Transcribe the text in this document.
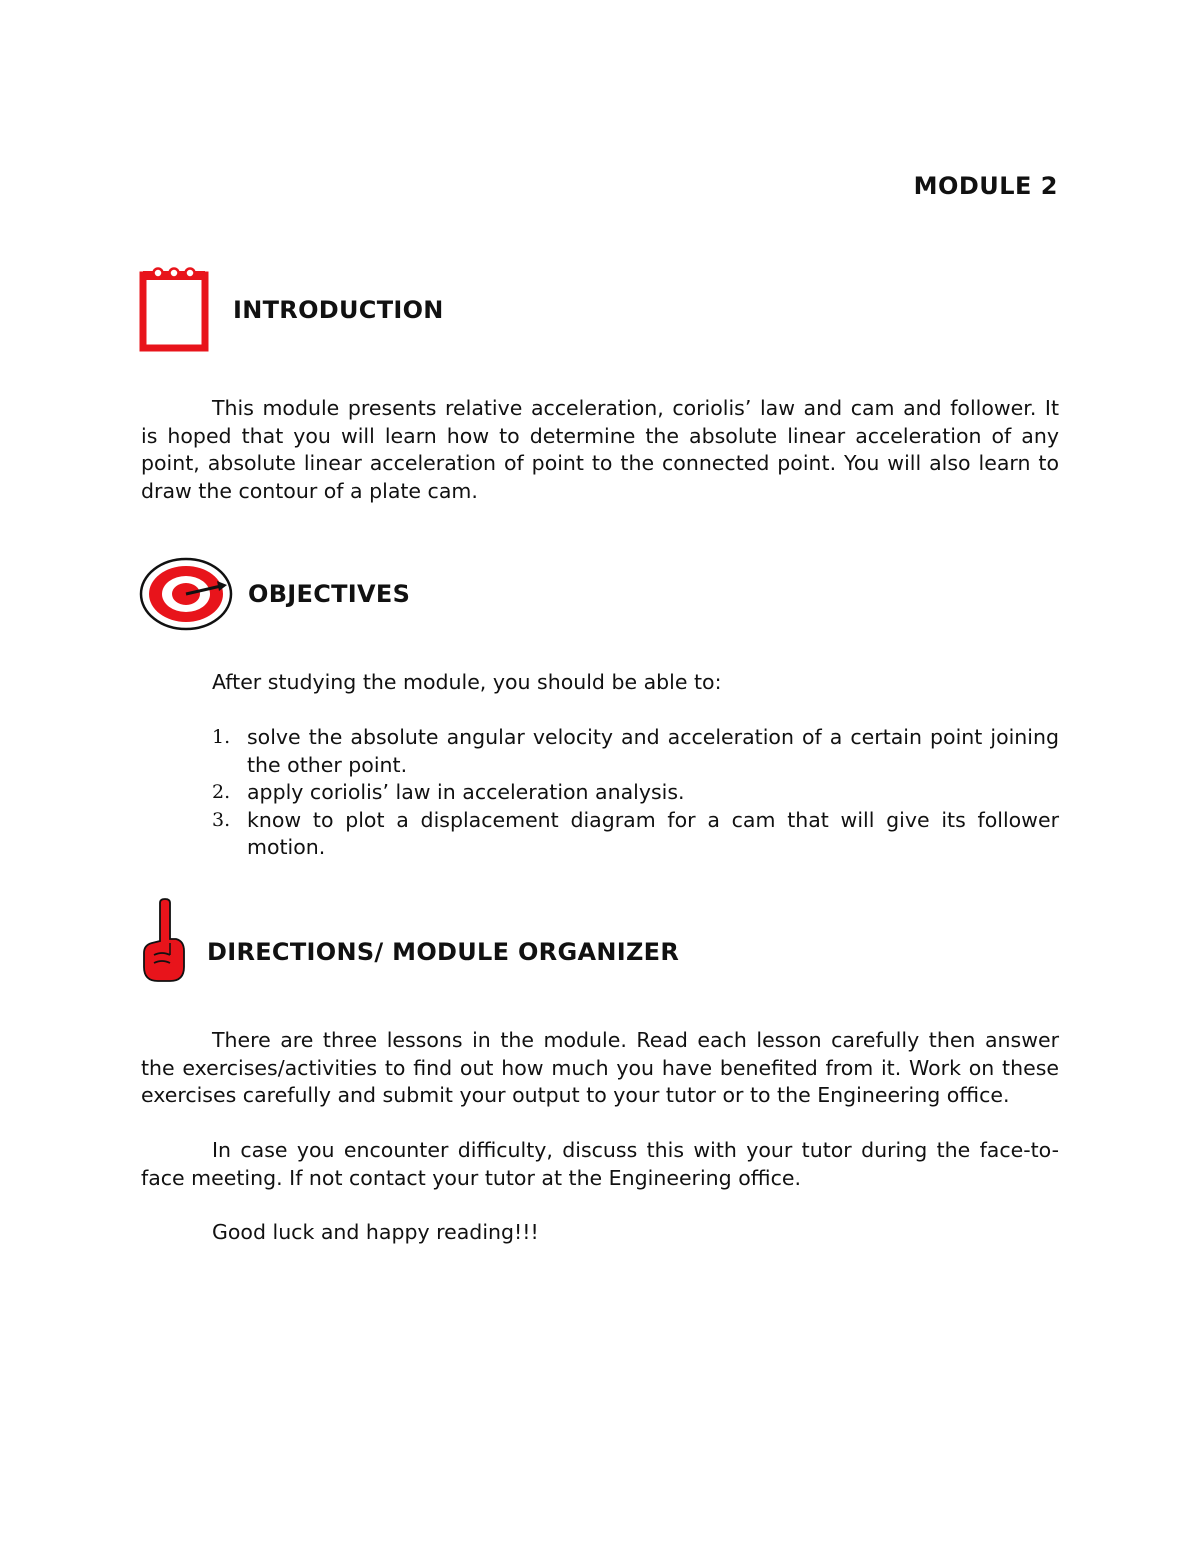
MODULE 2
INTRODUCTION

This module presents relative acceleration, coriolis’ law and cam and follower. It is hoped that you will learn how to determine the absolute linear acceleration of any point, absolute linear acceleration of point to the connected point. You will also learn to draw the contour of a plate cam.

OBJECTIVES

After studying the module, you should be able to:

1. solve the absolute angular velocity and acceleration of a certain point joining the other point.
2. apply coriolis’ law in acceleration analysis.
3. know to plot a displacement diagram for a cam that will give its follower motion.
DIRECTIONS/ MODULE ORGANIZER

There are three lessons in the module. Read each lesson carefully then answer the exercises/activities to find out how much you have benefited from it. Work on these exercises carefully and submit your output to your tutor or to the Engineering office.

In case you encounter difficulty, discuss this with your tutor during the face-to-face meeting. If not contact your tutor at the Engineering office.

Good luck and happy reading!!!
